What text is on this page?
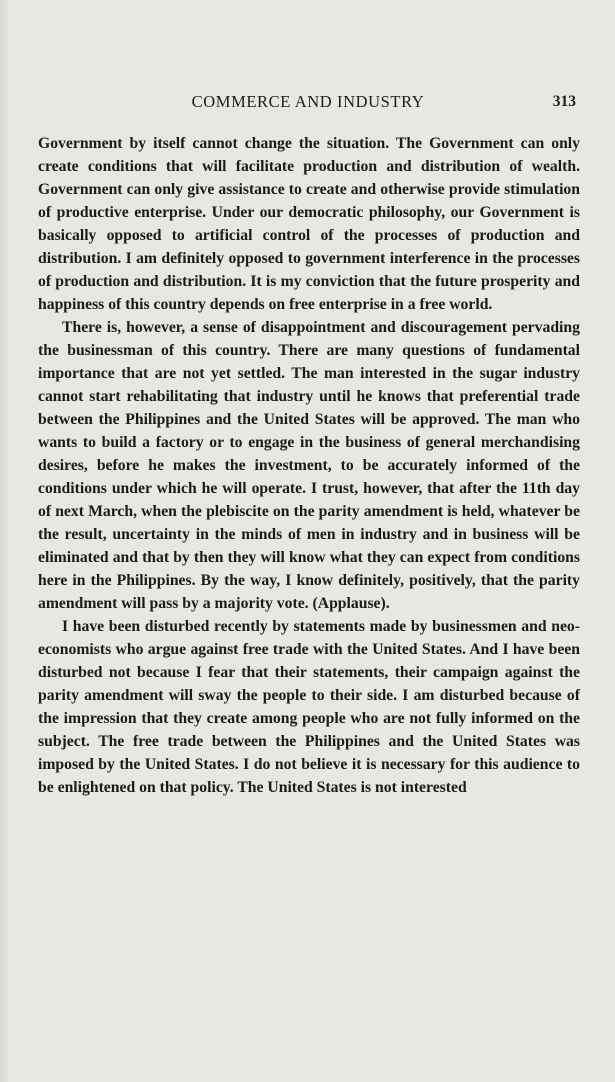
COMMERCE AND INDUSTRY	313

Government by itself cannot change the situation. The Government can only create conditions that will facilitate production and distribution of wealth. Government can only give assistance to create and otherwise provide stimulation of productive enterprise. Under our democratic philosophy, our Government is basically opposed to artificial control of the processes of production and distribution. I am definitely opposed to government interference in the processes of production and distribution. It is my conviction that the future prosperity and happiness of this country depends on free enterprise in a free world.

There is, however, a sense of disappointment and discouragement pervading the businessman of this country. There are many questions of fundamental importance that are not yet settled. The man interested in the sugar industry cannot start rehabilitating that industry until he knows that preferential trade between the Philippines and the United States will be approved. The man who wants to build a factory or to engage in the business of general merchandising desires, before he makes the investment, to be accurately informed of the conditions under which he will operate. I trust, however, that after the 11th day of next March, when the plebiscite on the parity amendment is held, whatever be the result, uncertainty in the minds of men in industry and in business will be eliminated and that by then they will know what they can expect from conditions here in the Philippines. By the way, I know definitely, positively, that the parity amendment will pass by a majority vote. (Applause).

I have been disturbed recently by statements made by businessmen and neo-economists who argue against free trade with the United States. And I have been disturbed not because I fear that their statements, their campaign against the parity amendment will sway the people to their side. I am disturbed because of the impression that they create among people who are not fully informed on the subject. The free trade between the Philippines and the United States was imposed by the United States. I do not believe it is necessary for this audience to be enlightened on that policy. The United States is not interested
